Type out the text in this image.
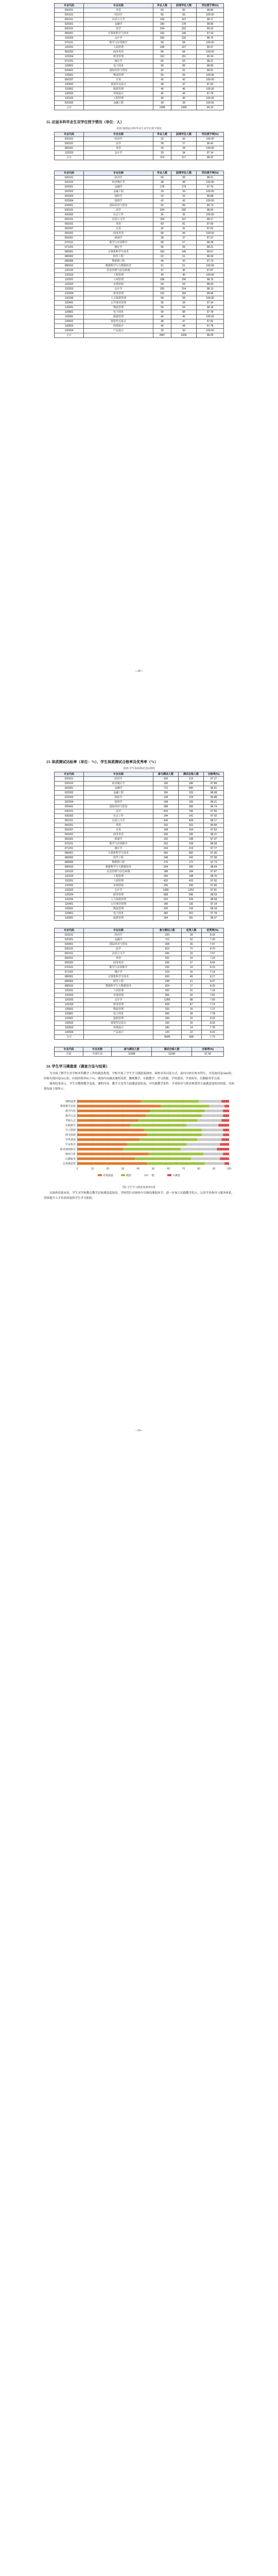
专业代码	专业名称	毕业人数	获得学位人数	学位授予率(%)
050201	英语	83	82	98.80
020101	经济学	56	56	100.00
050101	汉语言文学	109	107	98.17
020301	金融学	180	178	98.89
030101	法学	204	202	99.02
080901	计算机科学与技术	150	146	97.33
120203	会计学	320	316	98.75
070101	数学与应用数学	58	58	100.00
120201	工商管理	108	107	99.07
050262	商务英语	84	84	100.00
120204	财务管理	152	151	99.34
071201	统计学	56	55	98.21
120801	电子商务	90	89	98.89
020401	国际经济与贸易	92	91	98.91
120601	物流管理	55	55	100.00
050207	日语	42	42	100.00
130502	视觉传达设计	48	47	97.92
120901	旅游管理	46	46	100.00
130503	环境设计	45	44	97.78
120103	工程管理	40	40	100.00
020302	金融工程	39	39	100.00
合计		1998	1980	99.10
22. 应届本科毕业生双学位授予情况（单位：人）
表22 2023届本科毕业生双学位授予情况
专业代码	专业名称	毕业人数	获得学位人数	学位授予率(%)
020101	经济学	32	32	100.00
030101	法学	28	27	96.43
050201	英语	24	24	100.00
120203	会计学	35	34	97.14
合计		119	117	98.32
专业代码	专业名称	毕业人数	获得学位人数	学位授予率(%)
020101	经济学	56	55	98.21
020102	经济统计学	48	48	100.00
020301	金融学	178	174	97.75
020302	金融工程	39	39	100.00
020303	保险学	32	31	96.88
020304	投资学	42	42	100.00
020401	国际经济与贸易	92	89	96.74
030101	法学	204	200	98.04
030302	社会工作	36	36	100.00
050101	汉语言文学	109	107	98.17
050201	英语	83	81	97.59
050207	日语	42	41	97.62
050262	商务英语	84	84	100.00
050301	新闻学	38	37	97.37
070101	数学与应用数学	58	57	98.28
071201	统计学	56	55	98.21
080901	计算机科学与技术	150	145	96.67
080902	软件工程	62	61	98.39
080905	物联网工程	44	43	97.73
080910	数据科学与大数据技术	51	51	100.00
120102	信息管理与信息系统	47	46	97.87
120103	工程管理	40	40	100.00
120201	工商管理	108	106	98.15
120202	市场营销	64	63	98.44
120203	会计学	320	314	98.13
120204	财务管理	152	150	98.68
120206	人力资源管理	58	58	100.00
120401	公共事业管理	35	34	97.14
120601	物流管理	55	54	98.18
120801	电子商务	90	88	97.78
120901	旅游管理	46	46	100.00
130502	视觉传达设计	48	47	97.92
130503	环境设计	45	44	97.78
130504	产品设计	30	30	100.00
合计		2987	2936	98.29
—18—
23. 体质测试达标率（单位：%）、学生体质测试合格率及优秀率（%）
表23 学生体质测试达标情况
专业代码	专业名称	参与测试人数	测试合格人数	合格率(%)
020101	经济学	220	214	97.27
020102	经济统计学	190	186	97.89
020301	金融学	712	690	96.91
020302	金融工程	156	153	98.08
020303	保险学	128	124	96.88
020304	投资学	168	165	98.21
020401	国际经济与贸易	368	356	96.74
030101	法学	816	796	97.55
030302	社会工作	144	141	97.92
050101	汉语言文学	436	428	98.17
050201	英语	332	322	96.99
050207	日语	168	164	97.62
050262	商务英语	336	330	98.21
050301	新闻学	152	148	97.37
070101	数学与应用数学	232	228	98.28
071201	统计学	224	219	97.77
080901	计算机科学与技术	600	582	97.00
080902	软件工程	248	242	97.58
080905	物联网工程	176	172	97.73
080910	数据科学与大数据技术	204	200	98.04
120102	信息管理与信息系统	188	184	97.87
120103	工程管理	160	158	98.75
120201	工商管理	432	423	97.92
120202	市场营销	256	250	97.66
120203	会计学	1280	1252	97.81
120204	财务管理	608	596	98.03
120206	人力资源管理	232	228	98.28
120401	公共事业管理	140	136	97.14
120601	物流管理	220	216	98.18
120801	电子商务	360	352	97.78
120901	旅游管理	184	181	98.37
专业代码	专业名称	参与测试人数	优秀人数	优秀率(%)
020101	经济学	220	18	8.18
020301	金融学	712	52	7.30
020401	国际经济与贸易	368	26	7.07
030101	法学	816	71	8.70
050101	汉语言文学	436	33	7.57
050201	英语	332	24	7.23
050262	商务英语	336	27	8.04
070101	数学与应用数学	232	19	8.19
071201	统计学	224	16	7.14
080901	计算机科学与技术	600	49	8.17
080902	软件工程	248	21	8.47
080910	数据科学与大数据技术	204	17	8.33
120201	工商管理	432	31	7.18
120202	市场营销	256	20	7.81
120203	会计学	1280	98	7.66
120204	财务管理	608	47	7.73
120601	物流管理	220	16	7.27
120801	电子商务	360	28	7.78
120901	旅游管理	184	15	8.15
130502	视觉传达设计	192	16	8.33
130503	环境设计	180	14	7.78
130504	产品设计	120	10	8.33
合计		8640	668	7.73
专业代码	专业名称	参与测试人数	测试合格人数	合格率(%)
全校	全部专业	11948	11640	97.42
24. 学生学习满意度（调查方法与结果）

为全面了解学生对学校本科教学工作的满意程度，学校开展了学生学习满意度调查。调查采用问卷方式，面向全体在校本科生，共发放问卷5860份，回收有效问卷5612份，有效回收率95.77%。调查内容涵盖课程设置、教师教学、实践教学、学习资源、学风建设、学业指导、后勤服务等方面。

调查结果显示，学生对教师教学态度、课程内容、教学方法等方面满意度较高，对实践教学条件、学业指导与职业规划等方面满意度相对较低。具体情况如下图所示。

0	10	20	30	40	50	60	70	80	90	100
课程设置
教师教学态度
教学内容
教学方法
考核方式
实践教学
学习资源
图书资源
学风建设
学业指导
职业规划指导
校园文化
后勤服务
总体满意度
非常满意	满意	一般	不满意
图1 学生学习满意度调查结果

从调查结果来看，学生对学校教育教学总体满意度较高。学校将针对调查中反映的薄弱环节，进一步加大实践教学投入，完善学业指导与服务体系，持续提升人才培养质量和学生学习体验。

—19—
